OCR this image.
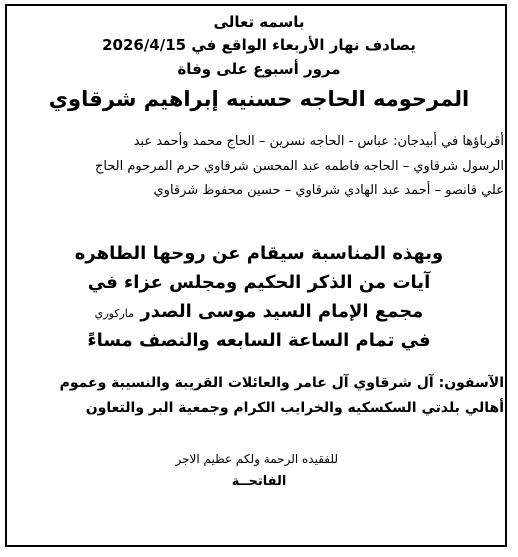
باسمه تعالى
يصادف نهار الأربعاء الواقع في 2026/4/15
مرور أسبوع على وفاة
المرحومه الحاجه حسنيه إبراهيم شرقاوي
أقرباؤها في أبيدجان: عباس - الحاجه نسرين – الحاج محمد وأحمد عبد
الرسول شرقاوي – الحاجه فاطمه عبد المحسن شرقاوي حرم المرحوم الحاج
علي قانصو – أحمد عبد الهادي شرقاوي – حسين محفوظ شرقاوي
وبهذه المناسبة سيقام عن روحها الطاهره
آيات من الذكر الحكيم ومجلس عزاء في
مجمع الإمام السيد موسى الصدر ماركوري
في تمام الساعة السابعه والنصف مساءً
الآسفون: آل شرقاوي آل عامر والعائلات القريبة والنسيبة وعموم
أهالي بلدتي السكسكيه والخرايب الكرام وجمعية البر والتعاون
للفقيده الرحمة ولكم عظيم الاجر
الفاتحــة
